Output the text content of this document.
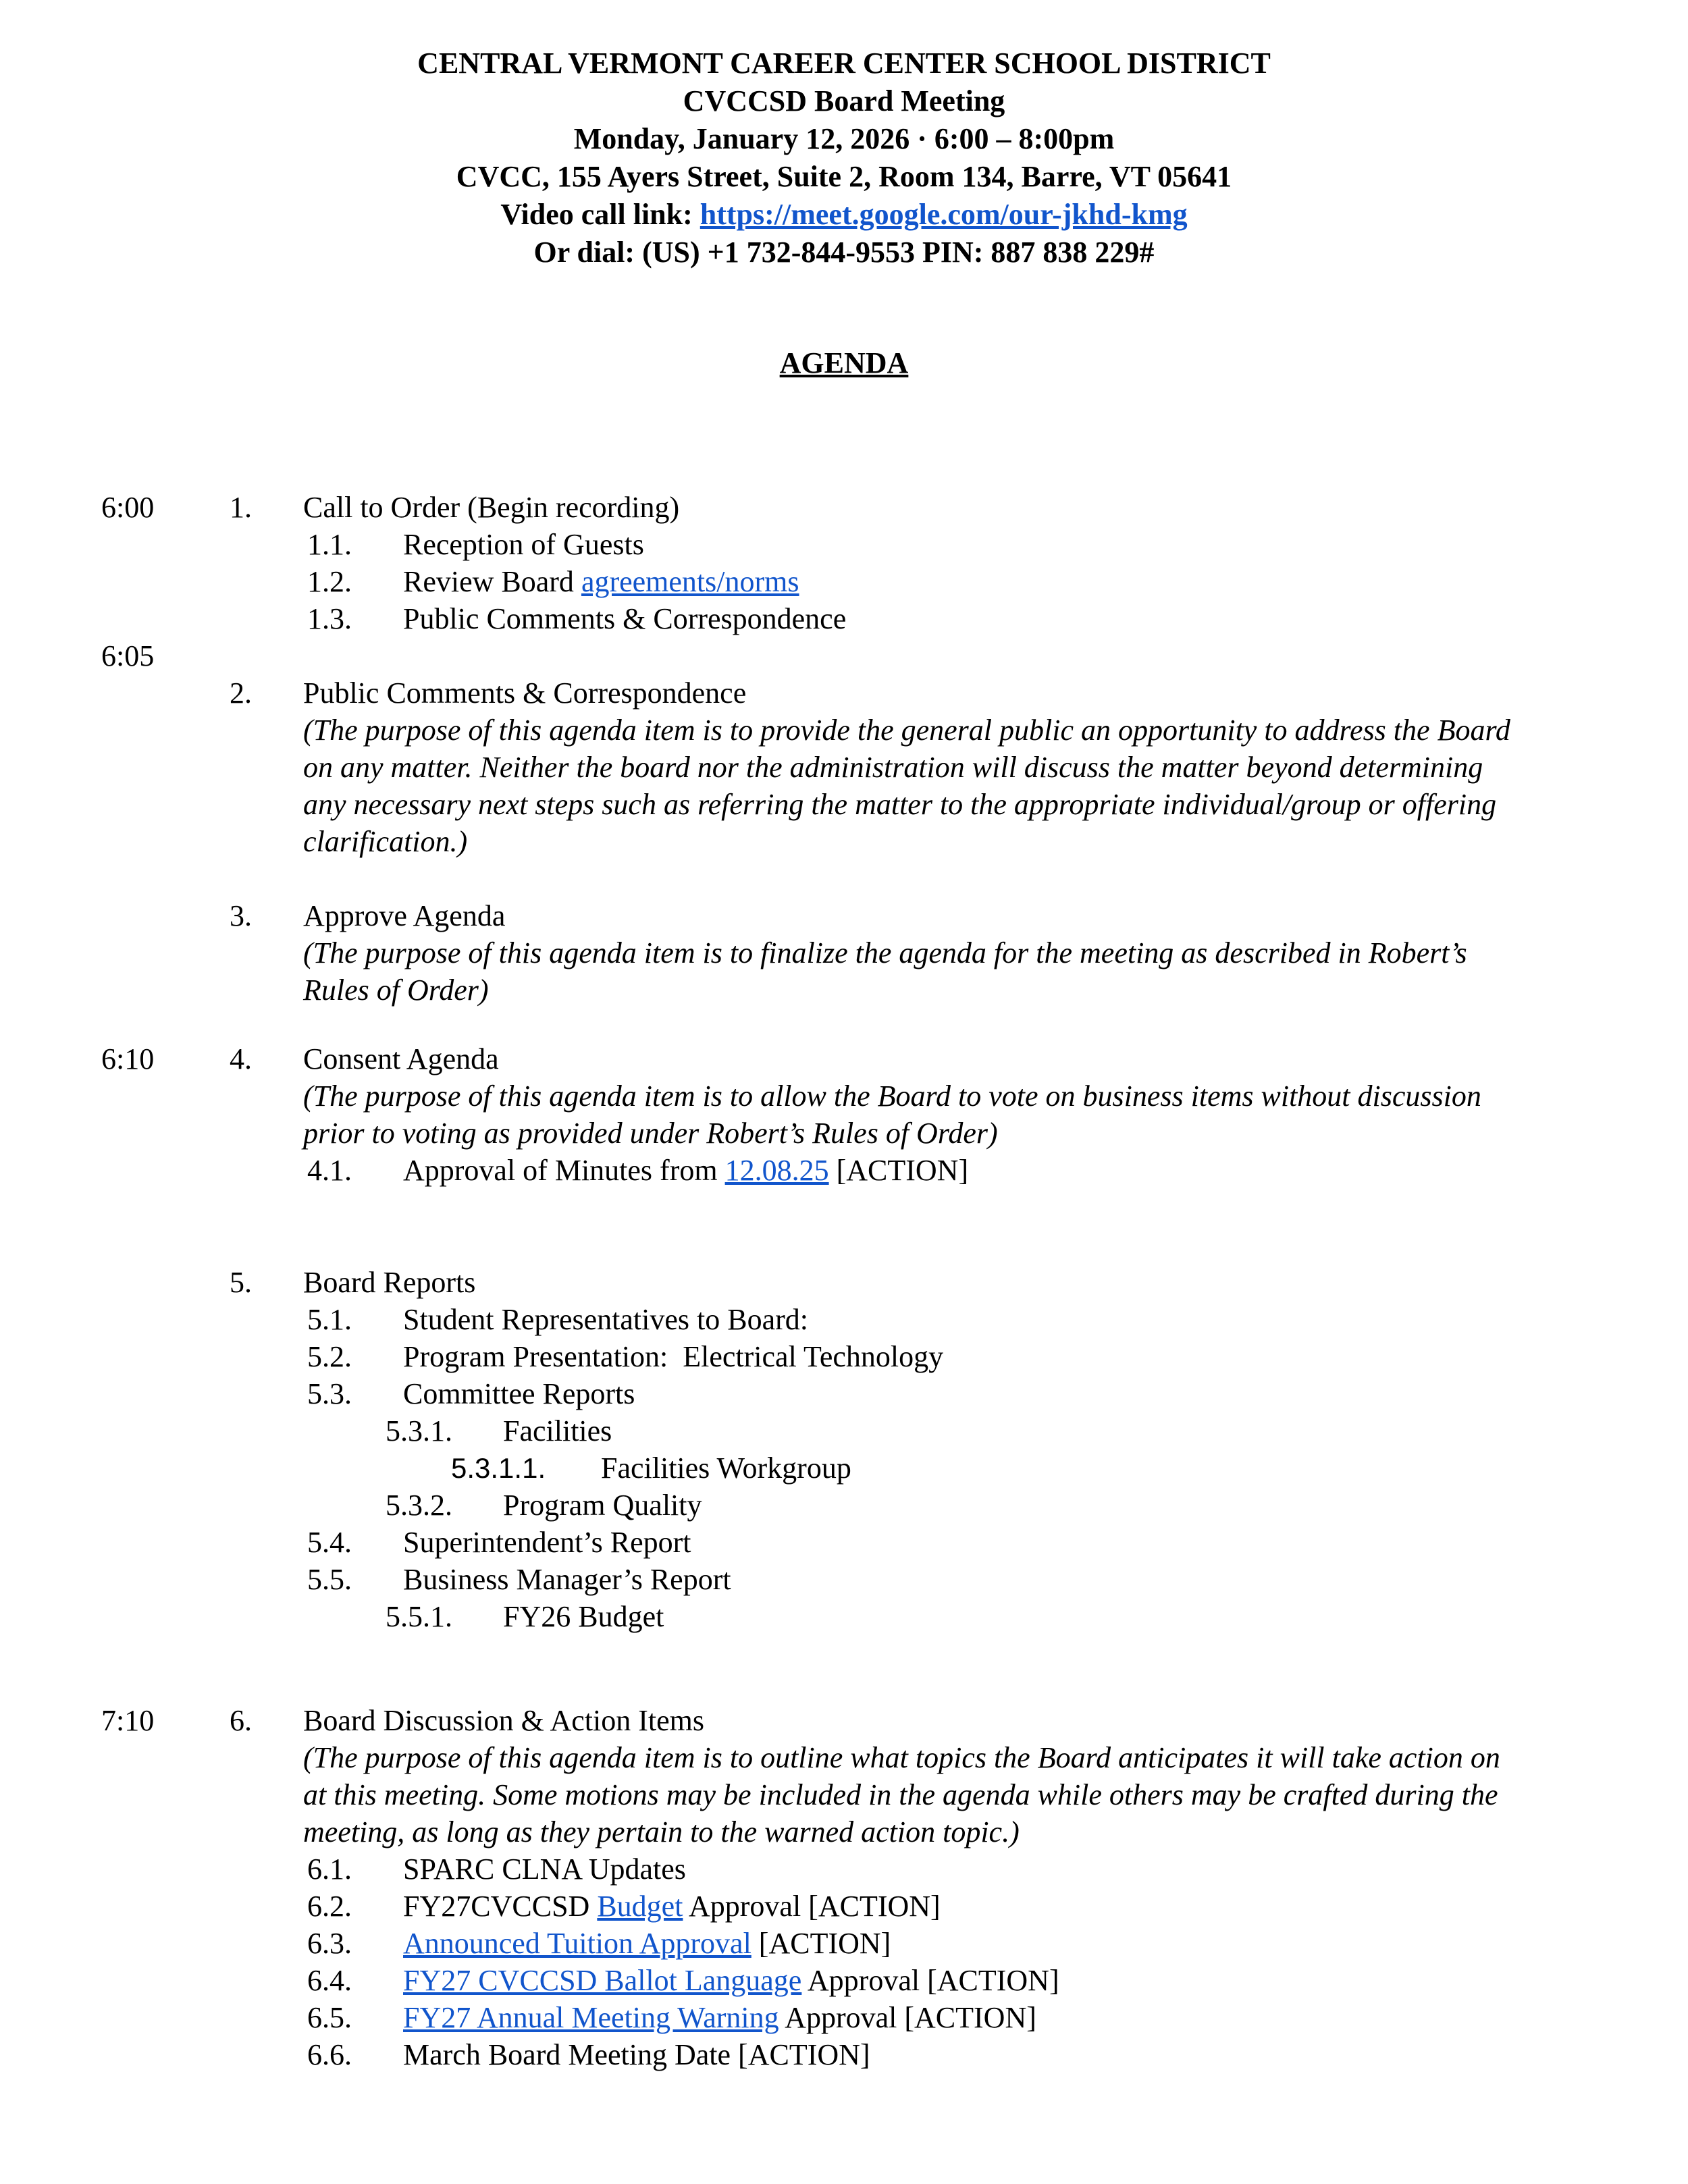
CENTRAL VERMONT CAREER CENTER SCHOOL DISTRICT
CVCCSD Board Meeting
Monday, January 12, 2026 · 6:00 – 8:00pm
CVCC, 155 Ayers Street, Suite 2, Room 134, Barre, VT 05641
Video call link: https://meet.google.com/our-jkhd-kmg
Or dial: (US) +1 732-844-9553 PIN: 887 838 229#
AGENDA
6:00
6:05
6:10
7:10
1. Call to Order (Begin recording)
1.1. Reception of Guests
1.2. Review Board agreements/norms
1.3. Public Comments & Correspondence
2. Public Comments & Correspondence
(The purpose of this agenda item is to provide the general public an opportunity to address the Board on any matter. Neither the board nor the administration will discuss the matter beyond determining any necessary next steps such as referring the matter to the appropriate individual/group or offering clarification.)
3. Approve Agenda
(The purpose of this agenda item is to finalize the agenda for the meeting as described in Robert’s Rules of Order)
4. Consent Agenda
(The purpose of this agenda item is to allow the Board to vote on business items without discussion prior to voting as provided under Robert’s Rules of Order)
4.1. Approval of Minutes from 12.08.25 [ACTION]
5. Board Reports
5.1. Student Representatives to Board:
5.2. Program Presentation:  Electrical Technology
5.3. Committee Reports
5.3.1. Facilities
5.3.1.1. Facilities Workgroup
5.3.2. Program Quality
5.4. Superintendent’s Report
5.5. Business Manager’s Report
5.5.1. FY26 Budget
6. Board Discussion & Action Items
(The purpose of this agenda item is to outline what topics the Board anticipates it will take action on at this meeting. Some motions may be included in the agenda while others may be crafted during the meeting, as long as they pertain to the warned action topic.)
6.1. SPARC CLNA Updates
6.2. FY27CVCCSD Budget Approval [ACTION]
6.3. Announced Tuition Approval [ACTION]
6.4. FY27 CVCCSD Ballot Language Approval [ACTION]
6.5. FY27 Annual Meeting Warning Approval [ACTION]
6.6. March Board Meeting Date [ACTION]
